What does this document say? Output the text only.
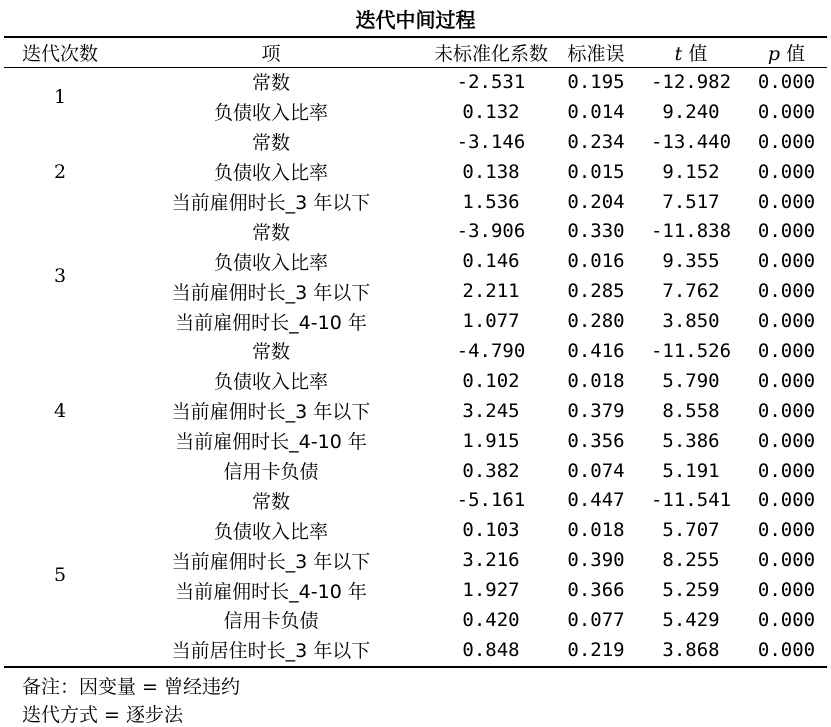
迭代中间过程
迭代次数	项	未标准化系数	标准误	t 值	p 值
1	常数	-2.531	0.195	-12.982	0.000
	负债收入比率	0.132	0.014	9.240	0.000
2	常数	-3.146	0.234	-13.440	0.000
	负债收入比率	0.138	0.015	9.152	0.000
	当前雇佣时长_3 年以下	1.536	0.204	7.517	0.000
3	常数	-3.906	0.330	-11.838	0.000
	负债收入比率	0.146	0.016	9.355	0.000
	当前雇佣时长_3 年以下	2.211	0.285	7.762	0.000
	当前雇佣时长_4-10 年	1.077	0.280	3.850	0.000
4	常数	-4.790	0.416	-11.526	0.000
	负债收入比率	0.102	0.018	5.790	0.000
	当前雇佣时长_3 年以下	3.245	0.379	8.558	0.000
	当前雇佣时长_4-10 年	1.915	0.356	5.386	0.000
	信用卡负债	0.382	0.074	5.191	0.000
5	常数	-5.161	0.447	-11.541	0.000
	负债收入比率	0.103	0.018	5.707	0.000
	当前雇佣时长_3 年以下	3.216	0.390	8.255	0.000
	当前雇佣时长_4-10 年	1.927	0.366	5.259	0.000
	信用卡负债	0.420	0.077	5.429	0.000
	当前居住时长_3 年以下	0.848	0.219	3.868	0.000
备注：因变量 = 曾经违约
迭代方式 = 逐步法
